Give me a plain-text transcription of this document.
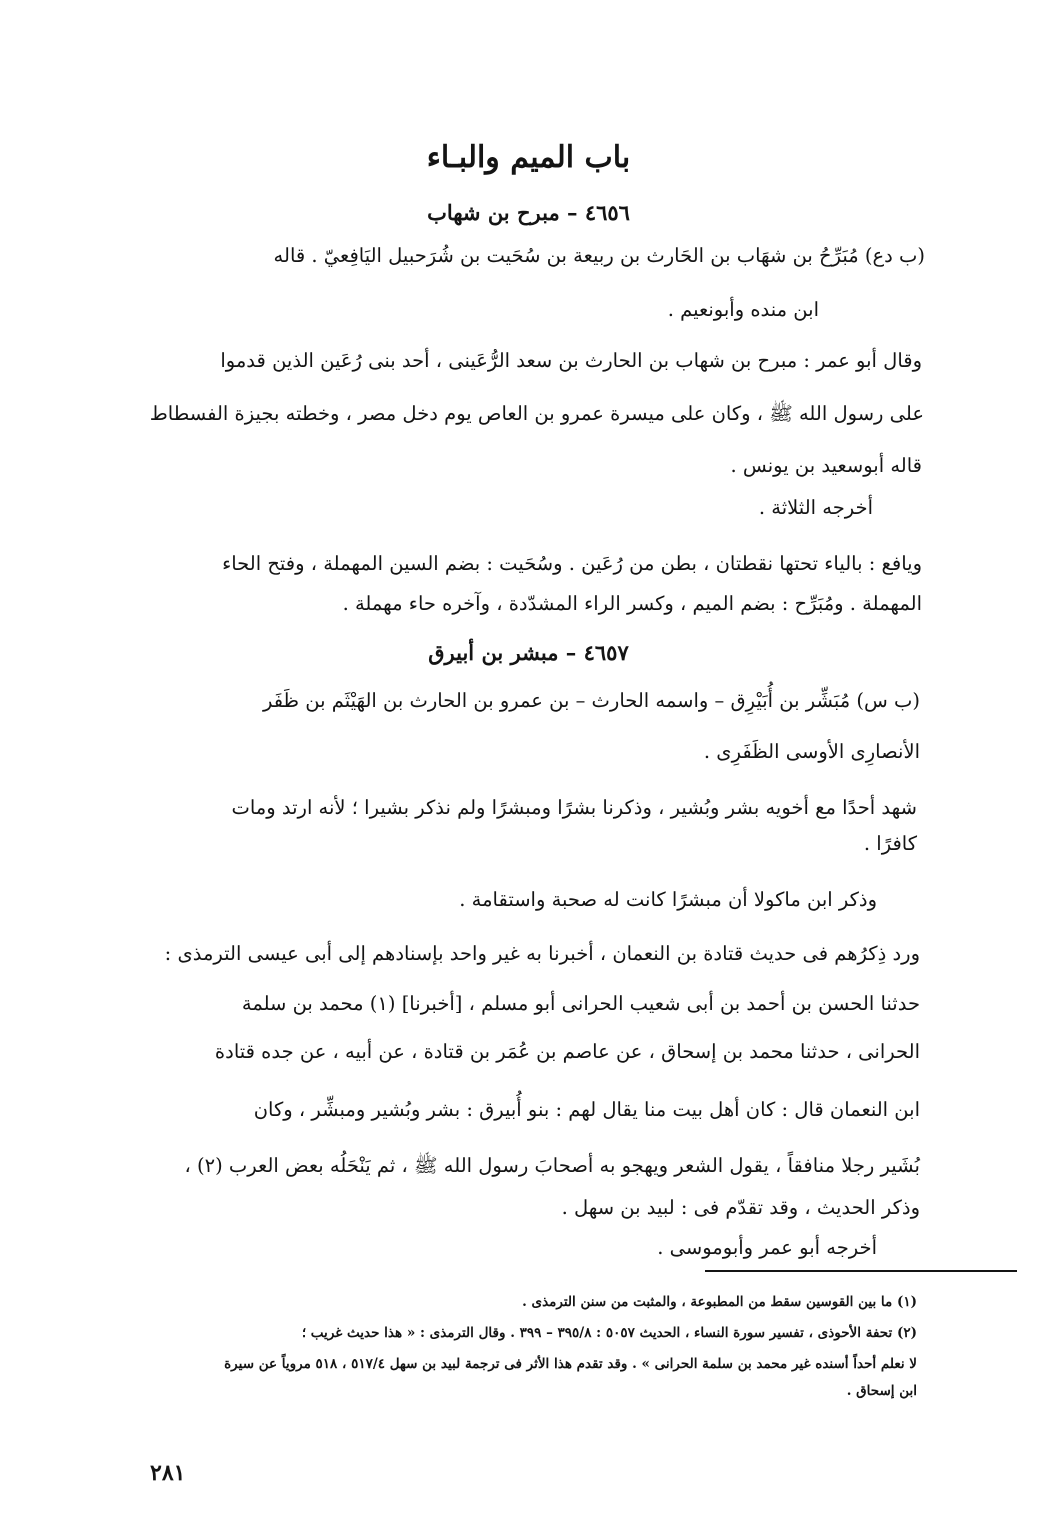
باب الميم والبـاء
٤٦٥٦ – مبرح بن شهاب
(ب دع) مُبَرِّحُ بن شهَاب بن الحَارث بن ربيعة بن سُحَيت بن شُرَحبيل اليَافِعيّ . قاله
ابن منده وأبونعيم .
وقال أبو عمر : مبرح بن شهاب بن الحارث بن سعد الرُّعَينى ، أحد بنى رُعَين الذين قدموا
على رسول الله ﷺ ، وكان على ميسرة عمرو بن العاص يوم دخل مصر ، وخطته بجيزة الفسطاط
قاله أبوسعيد بن يونس .
أخرجه الثلاثة .
ويافع : بالياء تحتها نقطتان ، بطن من رُعَين . وسُحَيت : بضم السين المهملة ، وفتح الحاء
المهملة . ومُبَرِّح : بضم الميم ، وكسر الراء المشدّدة ، وآخره حاء مهملة .
٤٦٥٧ – مبشر بن أبيرق
(ب س) مُبَشِّر بن أُبَيْرِق – واسمه الحارث – بن عمرو بن الحارث بن الهَيْثَم بن ظَفَر
الأنصارِى الأوسى الظَفَرِى .
شهد أحدًا مع أخويه بشر وبُشير ، وذكرنا بشرًا ومبشرًا ولم نذكر بشيرا ؛ لأنه ارتد ومات
كافرًا .
وذكر ابن ماكولا أن مبشرًا كانت له صحبة واستقامة .
ورد ذِكرُهم فى حديث قتادة بن النعمان ، أخبرنا به غير واحد بإسنادهم إلى أبى عيسى الترمذى :
حدثنا الحسن بن أحمد بن أبى شعيب الحرانى أبو مسلم ، [أخبرنا] (١) محمد بن سلمة
الحرانى ، حدثنا محمد بن إسحاق ، عن عاصم بن عُمَر بن قتادة ، عن أبيه ، عن جده قتادة
ابن النعمان قال : كان أهل بيت منا يقال لهم : بنو أُبيرق : بشر وبُشير ومبشِّر ، وكان
بُشَير رجلا منافقاً ، يقول الشعر ويهجو به أصحابَ رسول الله ﷺ ، ثم يَنْحَلُه بعض العرب (٢) ،
وذكر الحديث ، وقد تقدّم فى : لبيد بن سهل .
أخرجه أبو عمر وأبوموسى .
(١) ما بين القوسين سقط من المطبوعة ، والمثبت من سنن الترمذى .
(٢) تحفة الأحوذى ، تفسير سورة النساء ، الحديث ٥٠٥٧ : ٣٩٥/٨ – ٣٩٩ . وقال الترمذى : « هذا حديث غريب ؛
لا نعلم أحداً أسنده غير محمد بن سلمة الحرانى » . وقد تقدم هذا الأثر فى ترجمة لبيد بن سهل ٥١٧/٤ ، ٥١٨ مروياً عن سيرة
ابن إسحاق .
٢٨١
